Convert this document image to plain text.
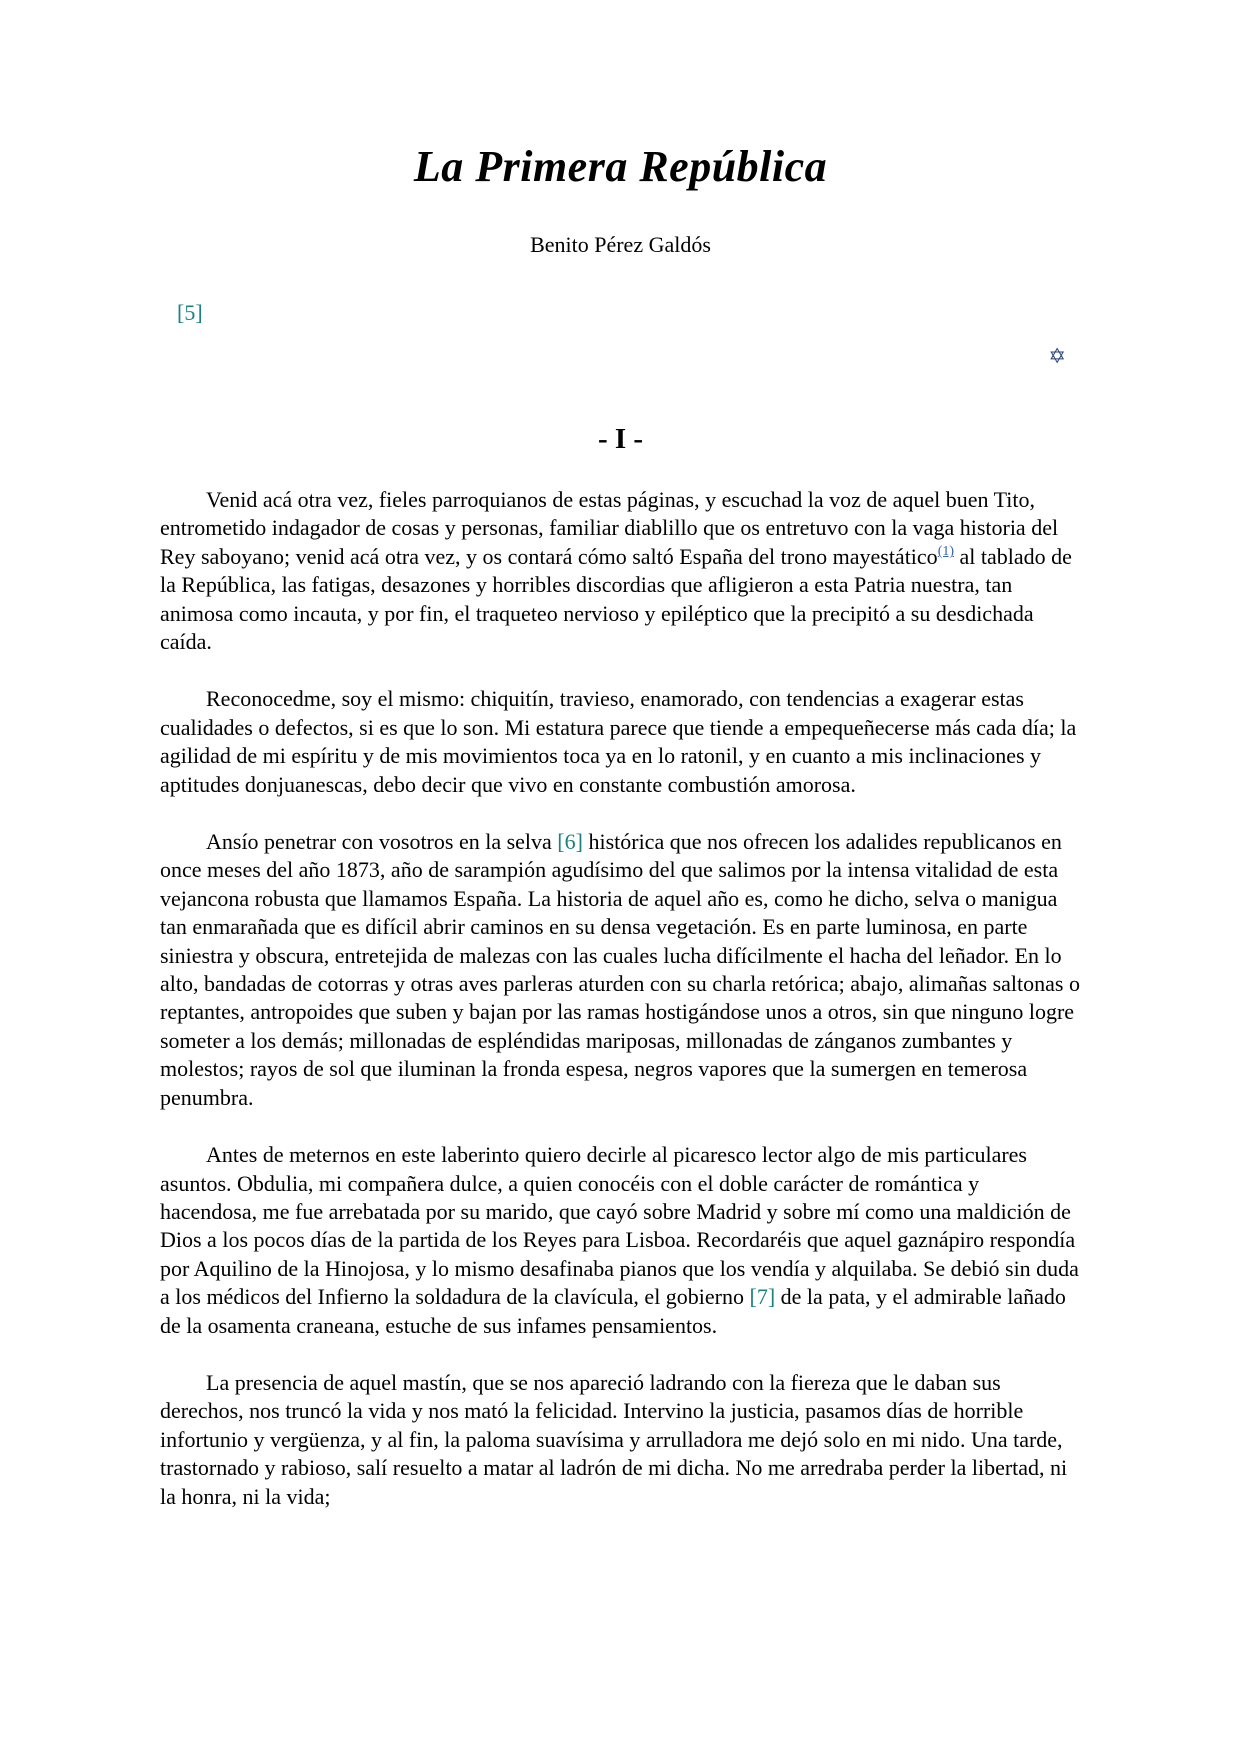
La Primera República
Benito Pérez Galdós
[5]
✡
- I -

Venid acá otra vez, fieles parroquianos de estas páginas, y escuchad la voz de aquel buen Tito, entrometido indagador de cosas y personas, familiar diablillo que os entretuvo con la vaga historia del Rey saboyano; venid acá otra vez, y os contará cómo saltó España del trono mayestático$^{(1)}$ al tablado de la República, las fatigas, desazones y horribles discordias que afligieron a esta Patria nuestra, tan animosa como incauta, y por fin, el traqueteo nervioso y epiléptico que la precipitó a su desdichada caída.

Reconocedme, soy el mismo: chiquitín, travieso, enamorado, con tendencias a exagerar estas cualidades o defectos, si es que lo son. Mi estatura parece que tiende a empequeñecerse más cada día; la agilidad de mi espíritu y de mis movimientos toca ya en lo ratonil, y en cuanto a mis inclinaciones y aptitudes donjuanescas, debo decir que vivo en constante combustión amorosa.

Ansío penetrar con vosotros en la selva [6] histórica que nos ofrecen los adalides republicanos en once meses del año 1873, año de sarampión agudísimo del que salimos por la intensa vitalidad de esta vejancona robusta que llamamos España. La historia de aquel año es, como he dicho, selva o manigua tan enmarañada que es difícil abrir caminos en su densa vegetación. Es en parte luminosa, en parte siniestra y obscura, entretejida de malezas con las cuales lucha difícilmente el hacha del leñador. En lo alto, bandadas de cotorras y otras aves parleras aturden con su charla retórica; abajo, alimañas saltonas o reptantes, antropoides que suben y bajan por las ramas hostigándose unos a otros, sin que ninguno logre someter a los demás; millonadas de espléndidas mariposas, millonadas de zánganos zumbantes y molestos; rayos de sol que iluminan la fronda espesa, negros vapores que la sumergen en temerosa penumbra.

Antes de meternos en este laberinto quiero decirle al picaresco lector algo de mis particulares asuntos. Obdulia, mi compañera dulce, a quien conocéis con el doble carácter de romántica y hacendosa, me fue arrebatada por su marido, que cayó sobre Madrid y sobre mí como una maldición de Dios a los pocos días de la partida de los Reyes para Lisboa. Recordaréis que aquel gaznápiro respondía por Aquilino de la Hinojosa, y lo mismo desafinaba pianos que los vendía y alquilaba. Se debió sin duda a los médicos del Infierno la soldadura de la clavícula, el gobierno [7] de la pata, y el admirable lañado de la osamenta craneana, estuche de sus infames pensamientos.

La presencia de aquel mastín, que se nos apareció ladrando con la fiereza que le daban sus derechos, nos truncó la vida y nos mató la felicidad. Intervino la justicia, pasamos días de horrible infortunio y vergüenza, y al fin, la paloma suavísima y arrulladora me dejó solo en mi nido. Una tarde, trastornado y rabioso, salí resuelto a matar al ladrón de mi dicha. No me arredraba perder la libertad, ni la honra, ni la vida;
